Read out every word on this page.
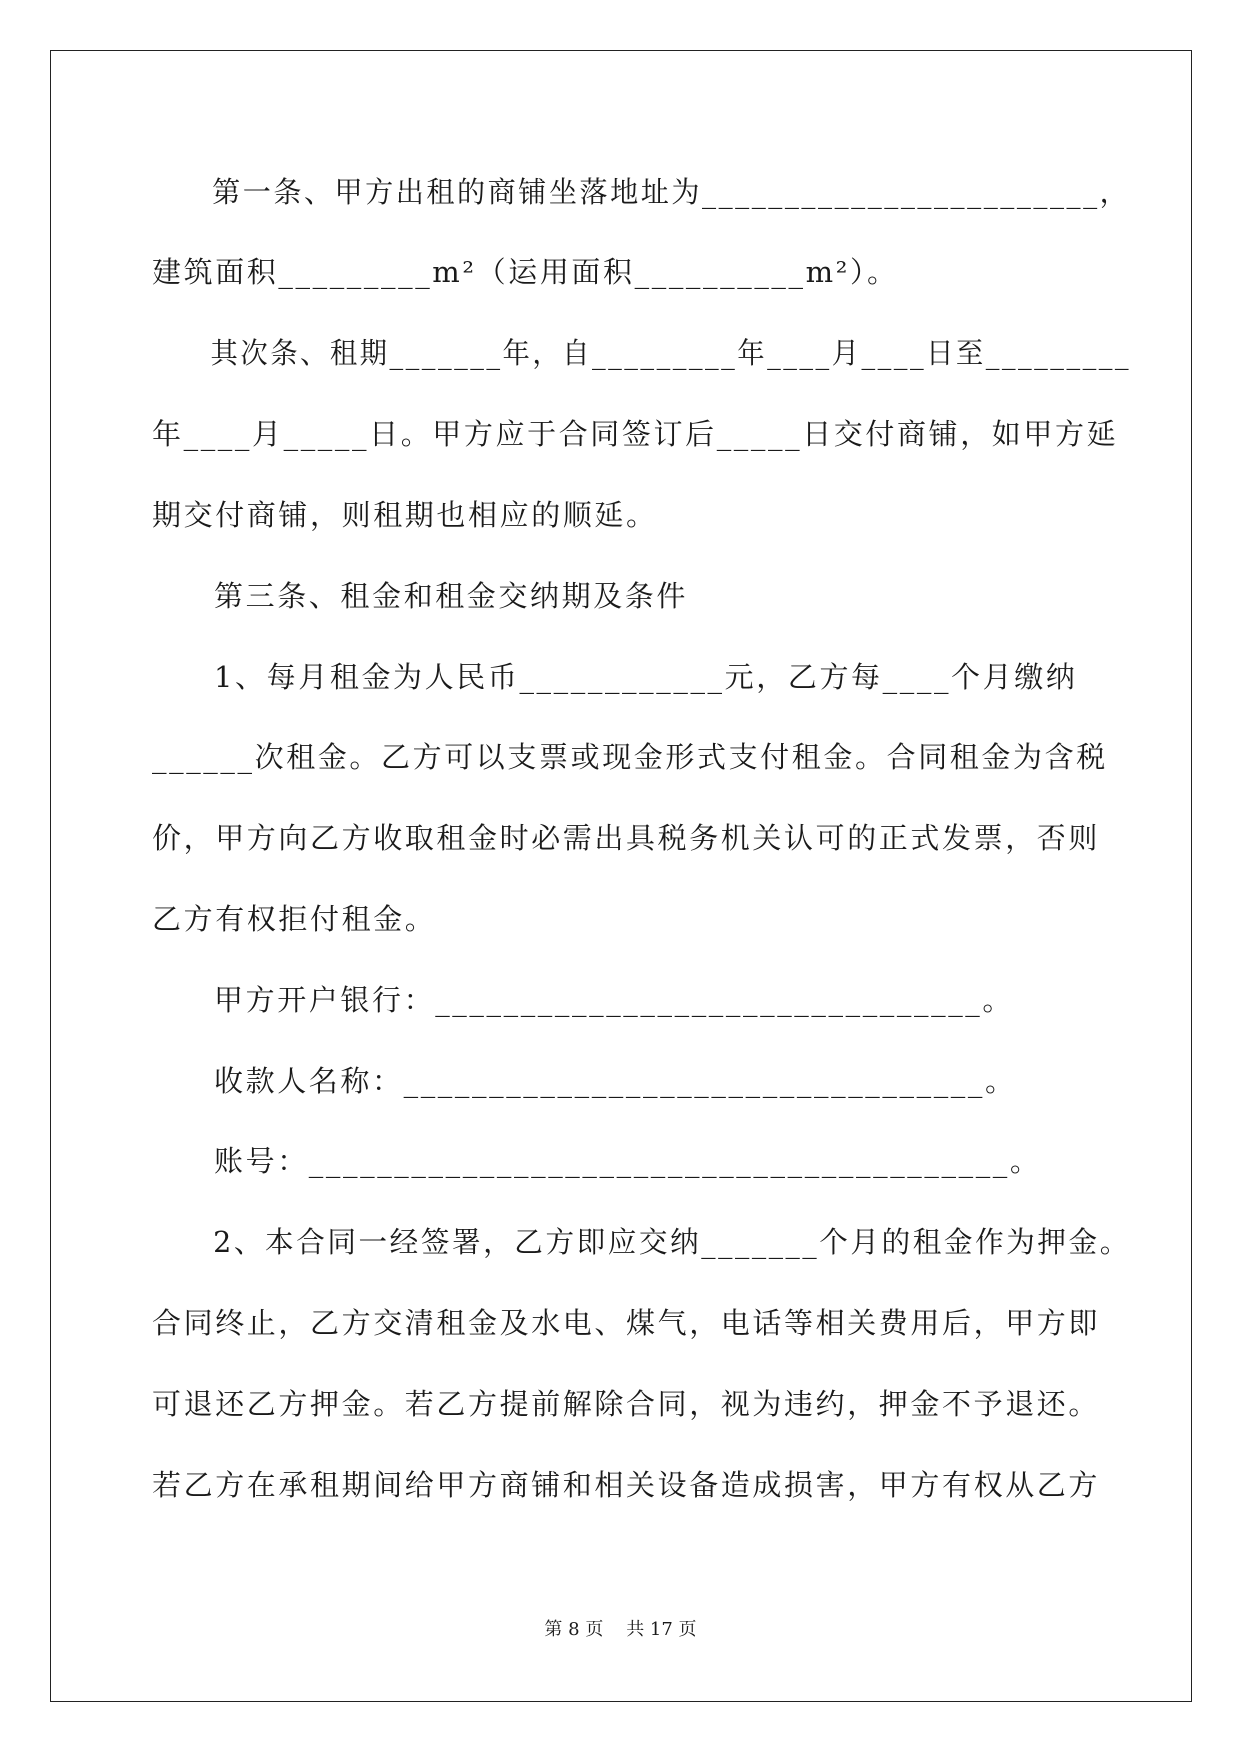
第一条、甲方出租的商铺坐落地址为________________________，
建筑面积_________m²（运用面积__________m²）。
其次条、租期_______年，自_________年____月____日至_________
年____月_____日。甲方应于合同签订后_____日交付商铺，如甲方延
期交付商铺，则租期也相应的顺延。
第三条、租金和租金交纳期及条件
1、每月租金为人民币____________元，乙方每____个月缴纳
______次租金。乙方可以支票或现金形式支付租金。合同租金为含税
价，甲方向乙方收取租金时必需出具税务机关认可的正式发票，否则
乙方有权拒付租金。
甲方开户银行：________________________________。
收款人名称：__________________________________。
账号：_________________________________________。
2、本合同一经签署，乙方即应交纳_______个月的租金作为押金。
合同终止，乙方交清租金及水电、煤气，电话等相关费用后，甲方即
可退还乙方押金。若乙方提前解除合同，视为违约，押金不予退还。
若乙方在承租期间给甲方商铺和相关设备造成损害，甲方有权从乙方
第 8 页    共 17 页
